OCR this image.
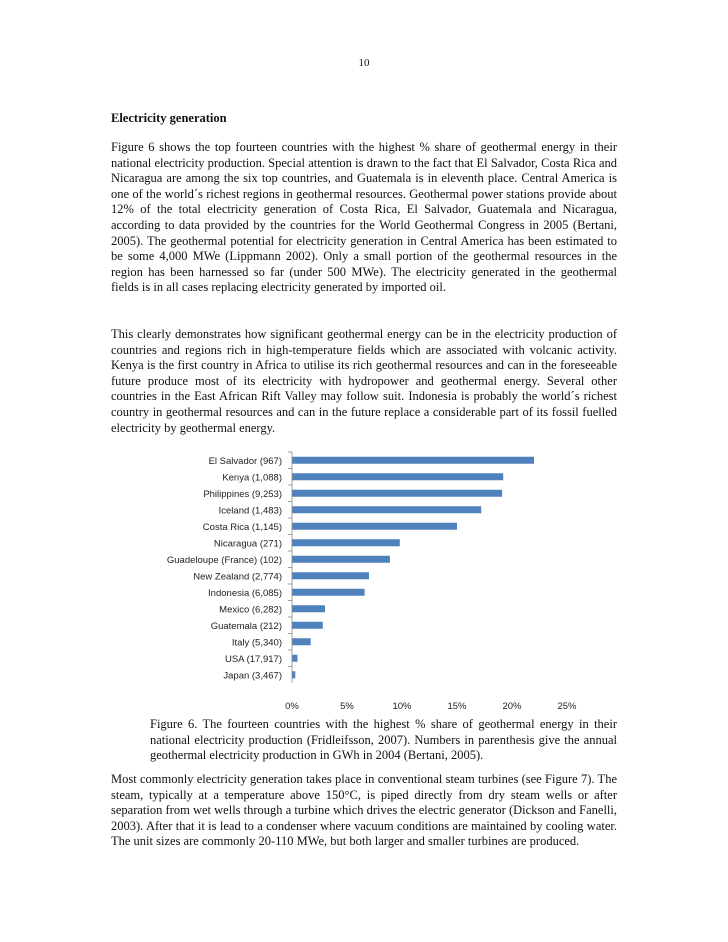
10
Electricity generation

Figure 6 shows the top fourteen countries with the highest % share of geothermal energy in their national electricity production. Special attention is drawn to the fact that El Salvador, Costa Rica and Nicaragua are among the six top countries, and Guatemala is in eleventh place. Central America is one of the world´s richest regions in geothermal resources. Geothermal power stations provide about 12% of the total electricity generation of Costa Rica, El Salvador, Guatemala and Nicaragua, according to data provided by the countries for the World Geothermal Congress in 2005 (Bertani, 2005). The geothermal potential for electricity generation in Central America has been estimated to be some 4,000 MWe (Lippmann 2002). Only a small portion of the geothermal resources in the region has been harnessed so far (under 500 MWe). The electricity generated in the geothermal fields is in all cases replacing electricity generated by imported oil.

This clearly demonstrates how significant geothermal energy can be in the electricity production of countries and regions rich in high-temperature fields which are associated with volcanic activity. Kenya is the first country in Africa to utilise its rich geothermal resources and can in the foreseeable future produce most of its electricity with hydropower and geothermal energy. Several other countries in the East African Rift Valley may follow suit. Indonesia is probably the world´s richest country in geothermal resources and can in the future replace a considerable part of its fossil fuelled electricity by geothermal energy.

El Salvador (967)
Kenya (1,088)
Philippines (9,253)
Iceland (1,483)
Costa Rica (1,145)
Nicaragua (271)
Guadeloupe (France) (102)
New Zealand (2,774)
Indonesia (6,085)
Mexico (6,282)
Guatemala (212)
Italy (5,340)
USA (17,917)
Japan (3,467)
0%	5%	10%	15%	20%	25%

Figure 6. The fourteen countries with the highest % share of geothermal energy in their national electricity production (Fridleifsson, 2007). Numbers in parenthesis give the annual geothermal electricity production in GWh in 2004 (Bertani, 2005).

Most commonly electricity generation takes place in conventional steam turbines (see Figure 7). The steam, typically at a temperature above 150°C, is piped directly from dry steam wells or after separation from wet wells through a turbine which drives the electric generator (Dickson and Fanelli, 2003). After that it is lead to a condenser where vacuum conditions are maintained by cooling water. The unit sizes are commonly 20-110 MWe, but both larger and smaller turbines are produced.
